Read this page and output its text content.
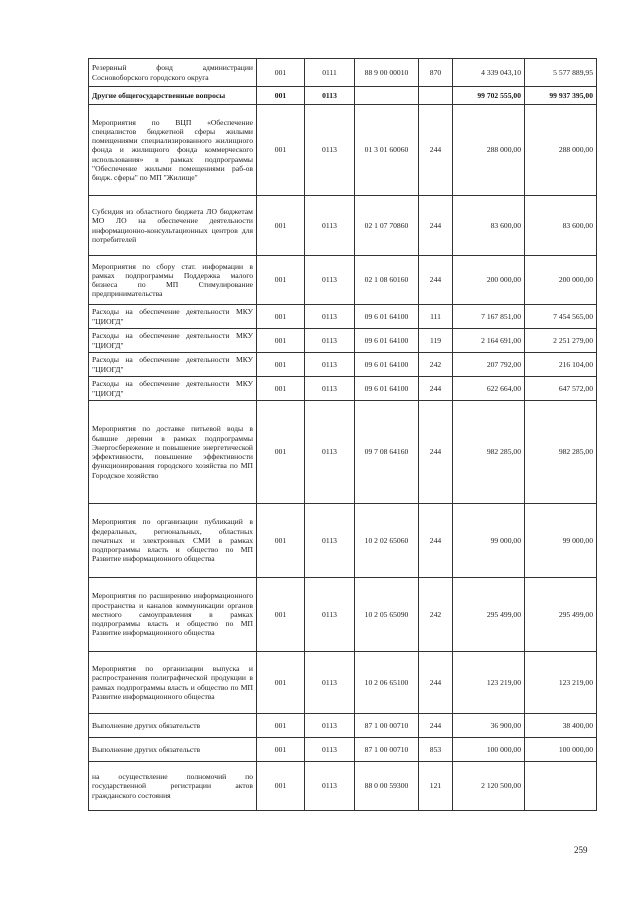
Резервный фонд администрации Сосновоборского городского округа	001	0111	88 9 00 00010	870	4 339 043,10	5 577 889,95
Другие общегосударственные вопросы	001	0113			99 702 555,00	99 937 395,00
Мероприятия по ВЦП «Обеспечение специалистов бюджетной сферы жилыми помещениями специализированного жилищного фонда и жилищного фонда коммерческого использования» в рамках подпрограммы "Обеспечение жилыми помещениями раб-ов бюдж. сферы" по МП "Жилище"	001	0113	01 3 01 60060	244	288 000,00	288 000,00
Субсидия из областного бюджета ЛО бюджетам МО ЛО на обеспечение деятельности информационно-консультационных центров для потребителей	001	0113	02 1 07 70860	244	83 600,00	83 600,00
Мероприятия по сбору стат. информации в рамках подпрограммы Поддержка малого бизнеса по МП Стимулирование предпринимательства	001	0113	02 1 08 60160	244	200 000,00	200 000,00
Расходы на обеспечение деятельности МКУ "ЦИОГД"	001	0113	09 6 01 64100	111	7 167 851,00	7 454 565,00
Расходы на обеспечение деятельности МКУ "ЦИОГД"	001	0113	09 6 01 64100	119	2 164 691,00	2 251 279,00
Расходы на обеспечение деятельности МКУ "ЦИОГД"	001	0113	09 6 01 64100	242	207 792,00	216 104,00
Расходы на обеспечение деятельности МКУ "ЦИОГД"	001	0113	09 6 01 64100	244	622 664,00	647 572,00
Мероприятия по доставке питьевой воды в бывшие деревни в рамках подпрограммы Энергосбережение и повышение энергетической эффективности, повышение эффективности функционирования городского хозяйства по МП Городское хозяйство	001	0113	09 7 08 64160	244	982 285,00	982 285,00
Мероприятия по организации публикаций в федеральных, региональных, областных печатных и электронных СМИ в рамках подпрограммы власть и общество по МП Развитие информационного общества	001	0113	10 2 02 65060	244	99 000,00	99 000,00
Мероприятия по расширению информационного пространства и каналов коммуникации органов местного самоуправления в рамках подпрограммы власть и общество по МП Развитие информационного общества	001	0113	10 2 05 65090	242	295 499,00	295 499,00
Мероприятия по организации выпуска и распространения полиграфической продукции в рамках подпрограммы власть и общество по МП Развитие информационного общества	001	0113	10 2 06 65100	244	123 219,00	123 219,00
Выполнение других обязательств	001	0113	87 1 00 00710	244	36 900,00	38 400,00
Выполнение других обязательств	001	0113	87 1 00 00710	853	100 000,00	100 000,00
на осуществление полномочий по государственной регистрации актов гражданского состояния	001	0113	88 0 00 59300	121	2 120 500,00	
259
